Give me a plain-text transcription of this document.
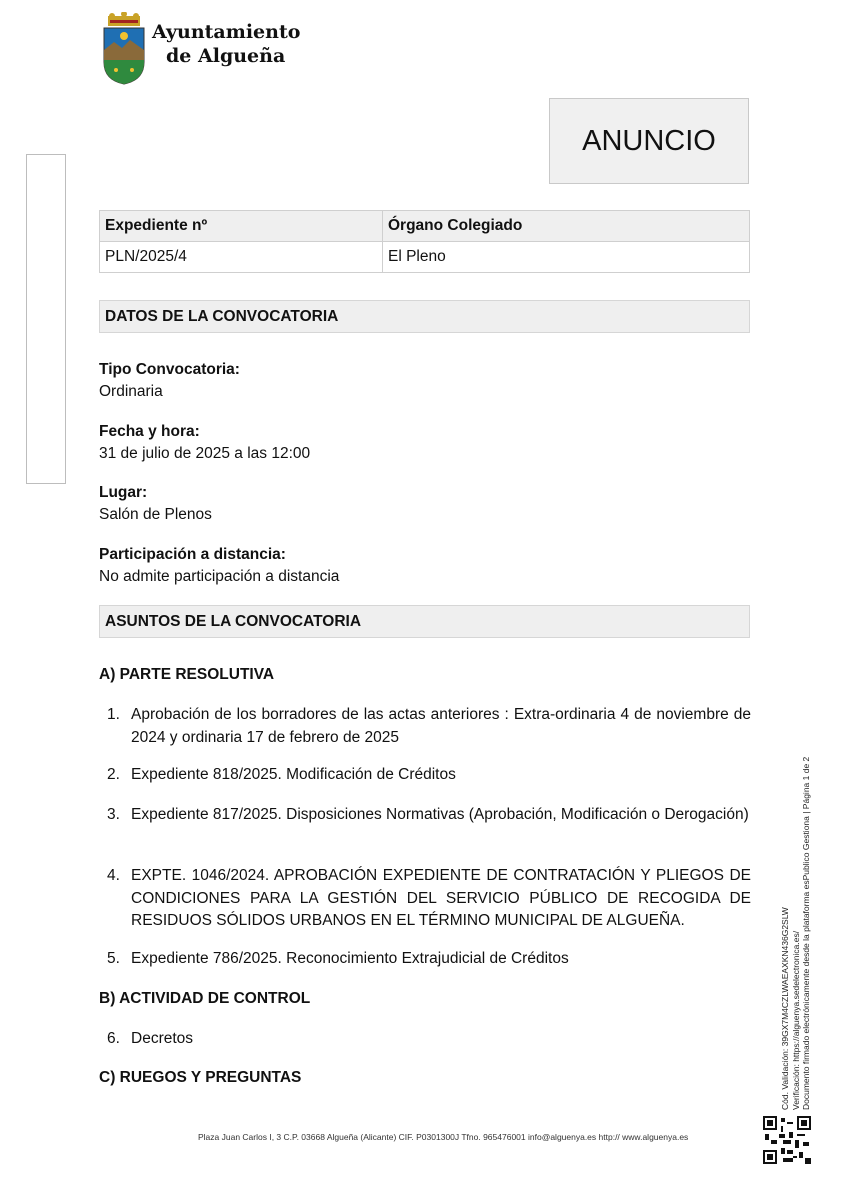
Ayuntamiento
de Algueña
ANUNCIO
Expediente nº	Órgano Colegiado
PLN/2025/4	El Pleno
DATOS DE LA CONVOCATORIA
Tipo Convocatoria:
Ordinaria
Fecha y hora:
31 de julio de 2025 a las 12:00
Lugar:
Salón de Plenos
Participación a distancia:
No admite participación a distancia
ASUNTOS DE LA CONVOCATORIA
A) PARTE RESOLUTIVA
1. Aprobación de los borradores de las actas anteriores : Extra-ordinaria 4 de noviembre de 2024 y ordinaria 17 de febrero de 2025
2. Expediente 818/2025. Modificación de Créditos
3. Expediente 817/2025. Disposiciones Normativas (Aprobación, Modificación o Derogación)
4. EXPTE. 1046/2024. APROBACIÓN EXPEDIENTE DE CONTRATACIÓN Y PLIEGOS DE CONDICIONES PARA LA GESTIÓN DEL SERVICIO PÚBLICO DE RECOGIDA DE RESIDUOS SÓLIDOS URBANOS EN EL TÉRMINO MUNICIPAL DE ALGUEÑA.
5. Expediente 786/2025. Reconocimiento Extrajudicial de Créditos
B) ACTIVIDAD DE CONTROL
6. Decretos
C) RUEGOS Y PREGUNTAS
Plaza Juan Carlos I, 3 C.P. 03668 Algueña (Alicante) CIF. P0301300J Tfno. 965476001 info@alguenya.es http:// www.alguenya.es
Cód. Validación: 39GX7M4CZLWAEAXKN436G2SLW Verificación: https://alguenya.sedelectronica.es/ Documento firmado electrónicamente desde la plataforma esPublico Gestiona | Página 1 de 2
